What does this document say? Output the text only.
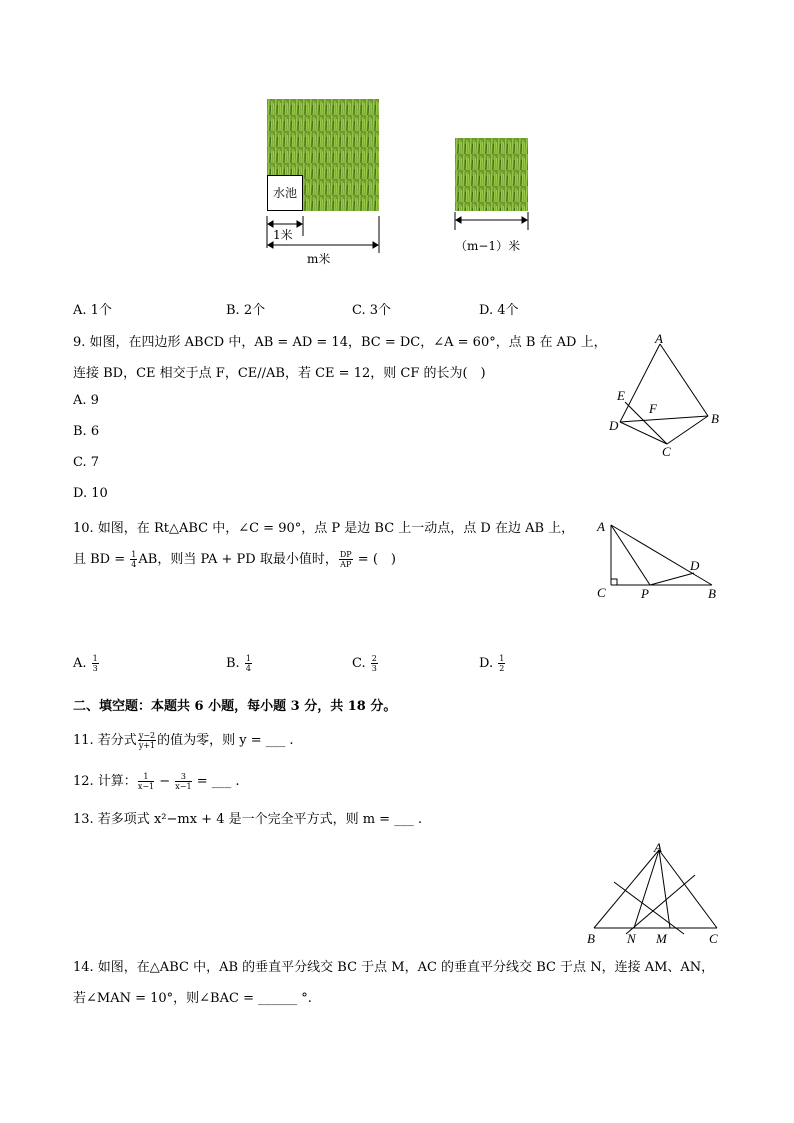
水池
1米
m米
（m−1）米
A. 1个	B. 2个	C. 3个	D. 4个
9. 如图，在四边形 ABCD 中，AB = AD = 14，BC = DC，∠A = 60°，点 B 在 AD 上，
连接 BD，CE 相交于点 F，CE//AB，若 CE = 12，则 CF 的长为(　)
A. 9
B. 6
C. 7
D. 10
A
B
C
D
E
F
10. 如图，在 Rt△ABC 中，∠C = 90°，点 P 是边 BC 上一动点，点 D 在边 AB 上，
且 BD = $\frac{1}{4}$ AB，则当 PA + PD 取最小值时， $\frac{DP}{AP}$ = (　)
A
C	P
D
B
A. $\frac{1}{3}$	B. $\frac{1}{4}$	C. $\frac{2}{3}$	D. $\frac{1}{2}$
二、填空题：本题共 6 小题，每小题 3 分，共 18 分。
11. 若分式 $\frac{y-2}{y+1}$ 的值为零，则 y = ___ .
12. 计算： $\frac{1}{x-1} - \frac{3}{x-1}$ = ___ .
13. 若多项式 x²−mx + 4 是一个完全平方式，则 m = ___ .
A
B N M	C
14. 如图，在△ABC 中，AB 的垂直平分线交 BC 于点 M，AC 的垂直平分线交 BC 于点 N，连接 AM、AN，
若∠MAN = 10°，则∠BAC = ______ °.
